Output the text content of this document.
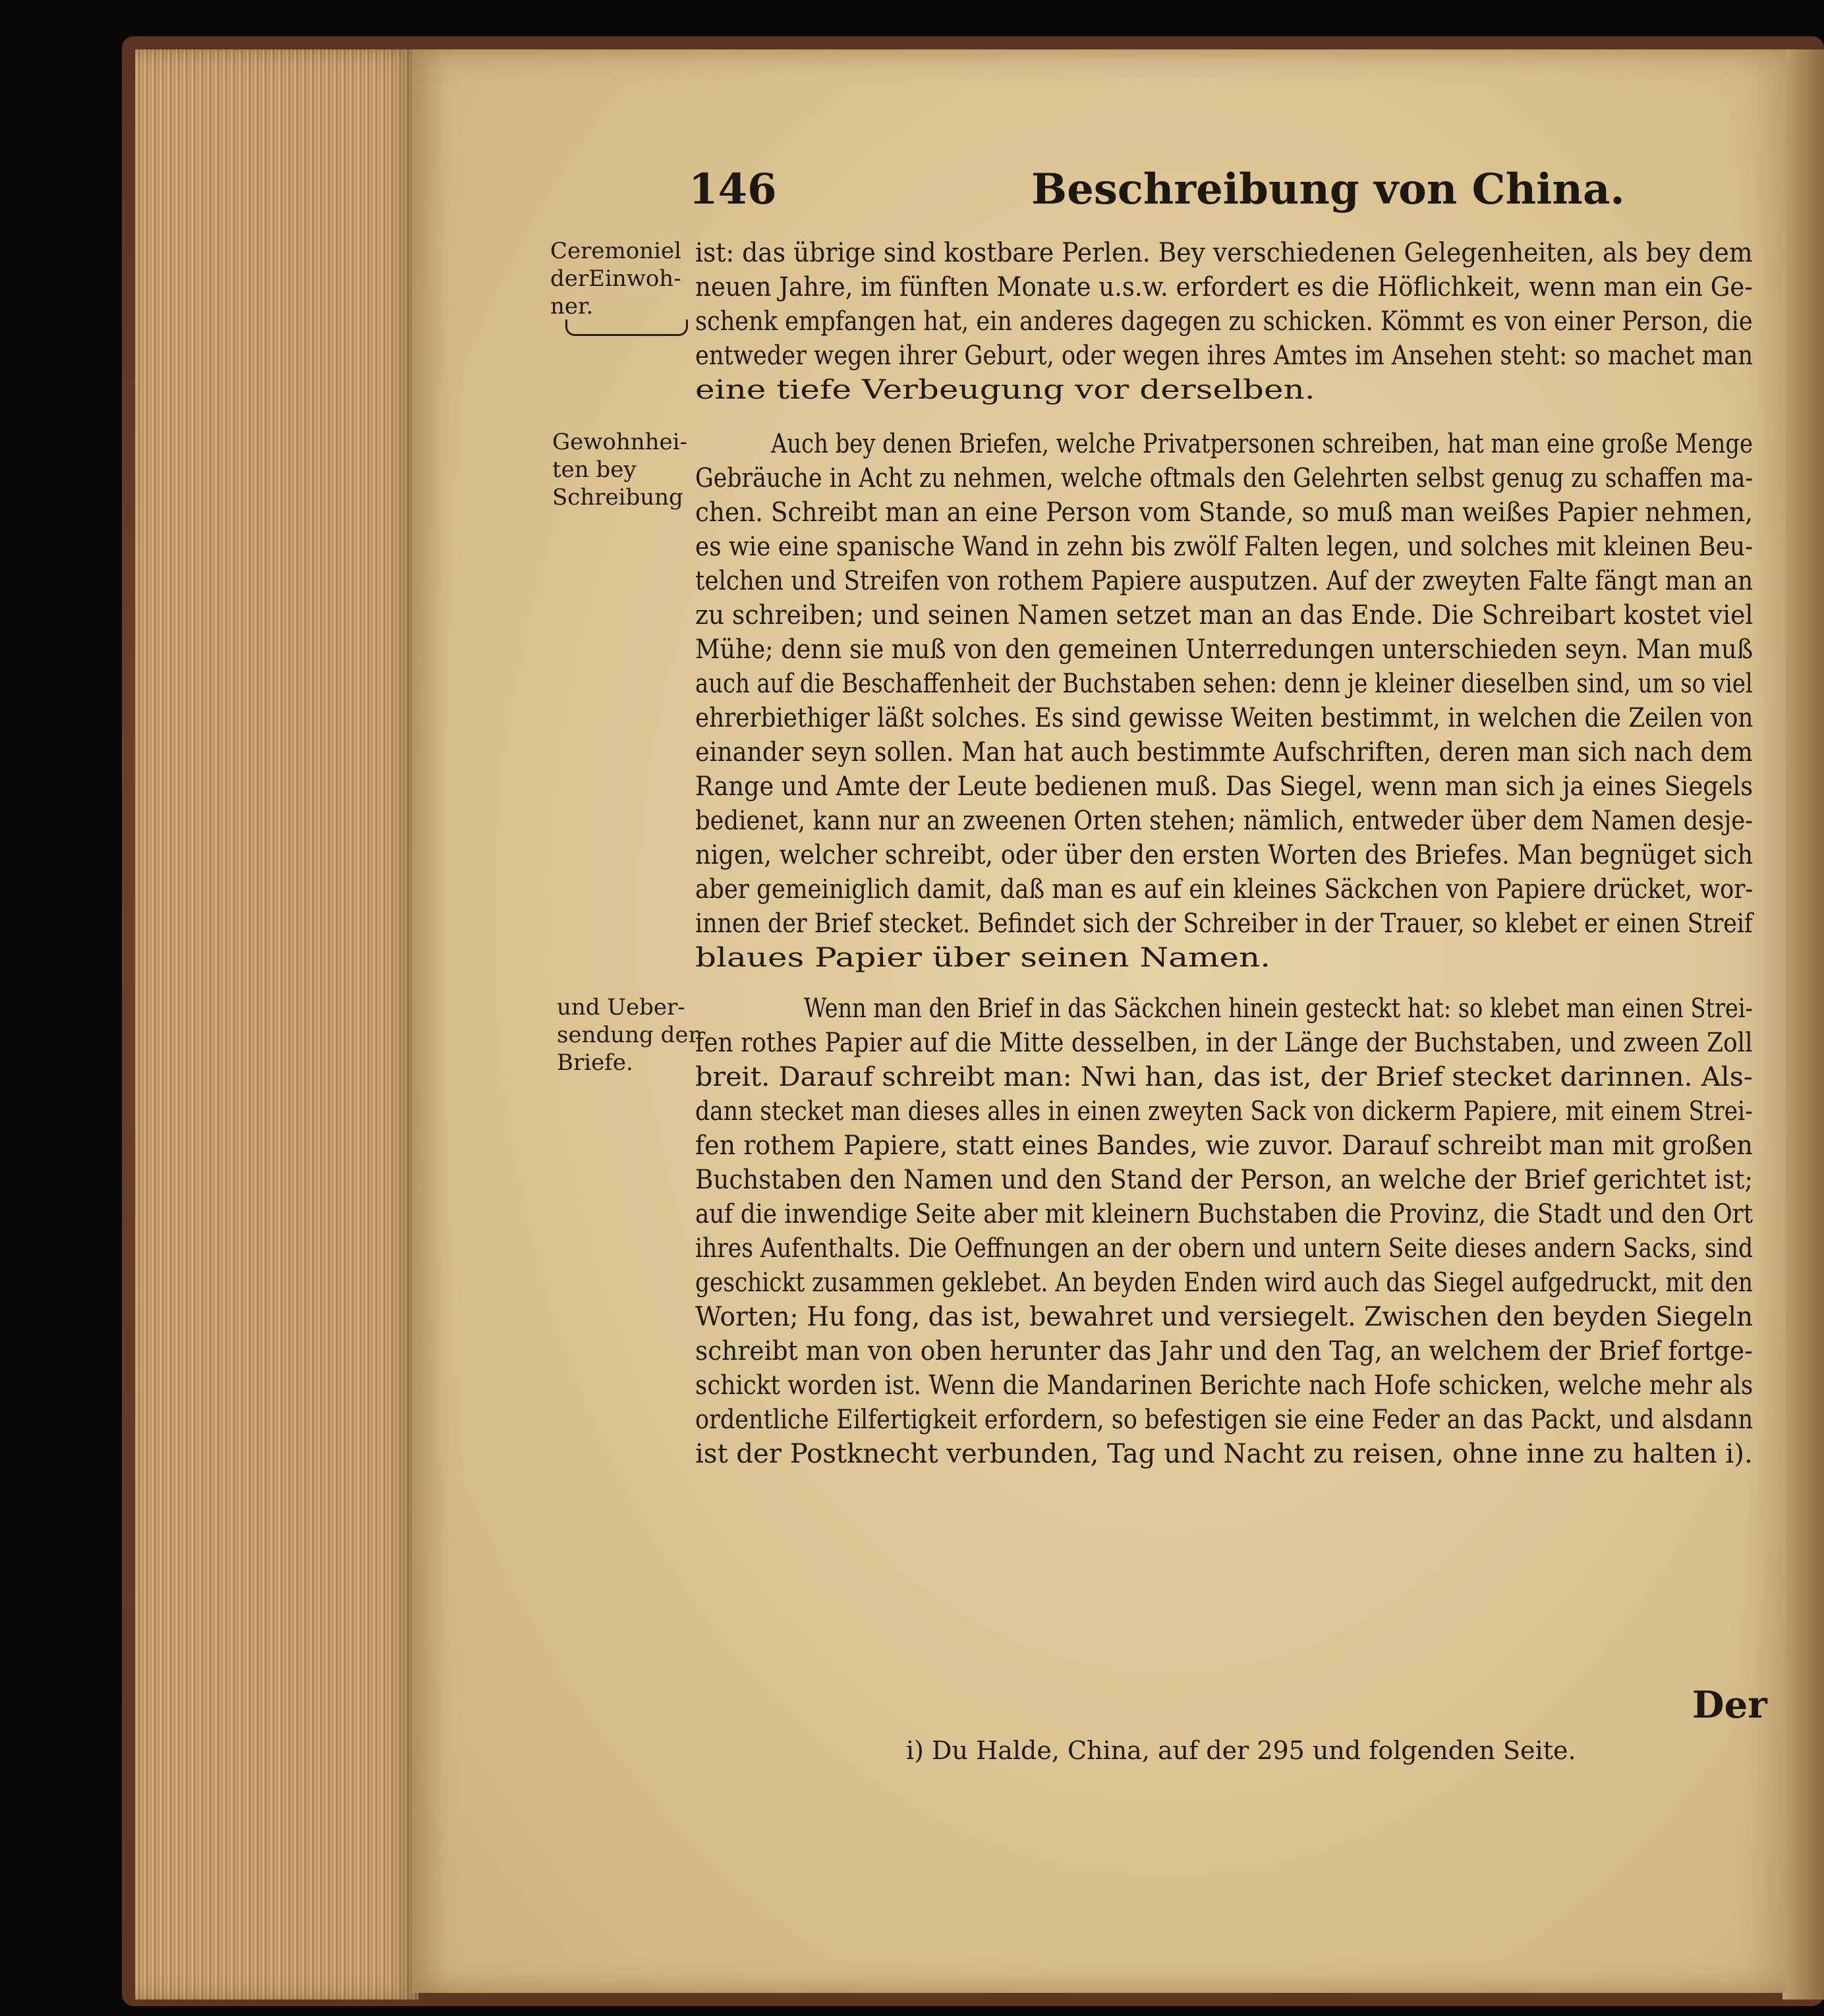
146	Beschreibung von China.
Ceremoniel
derEinwoh-
ner.
Gewohnhei-
ten bey
Schreibung
und Ueber-
sendung der
Briefe.
ist: das übrige sind kostbare Perlen. Bey verschiedenen Gelegenheiten, als bey dem
neuen Jahre, im fünften Monate u.s.w. erfordert es die Höflichkeit, wenn man ein Ge-
schenk empfangen hat, ein anderes dagegen zu schicken. Kömmt es von einer Person, die
entweder wegen ihrer Geburt, oder wegen ihres Amtes im Ansehen steht: so machet man
eine tiefe Verbeugung vor derselben.
Auch bey denen Briefen, welche Privatpersonen schreiben, hat man eine große Menge
Gebräuche in Acht zu nehmen, welche oftmals den Gelehrten selbst genug zu schaffen ma-
chen. Schreibt man an eine Person vom Stande, so muß man weißes Papier nehmen,
es wie eine spanische Wand in zehn bis zwölf Falten legen, und solches mit kleinen Beu-
telchen und Streifen von rothem Papiere ausputzen. Auf der zweyten Falte fängt man an
zu schreiben; und seinen Namen setzet man an das Ende. Die Schreibart kostet viel
Mühe; denn sie muß von den gemeinen Unterredungen unterschieden seyn. Man muß
auch auf die Beschaffenheit der Buchstaben sehen: denn je kleiner dieselben sind, um so viel
ehrerbiethiger läßt solches. Es sind gewisse Weiten bestimmt, in welchen die Zeilen von
einander seyn sollen. Man hat auch bestimmte Aufschriften, deren man sich nach dem
Range und Amte der Leute bedienen muß. Das Siegel, wenn man sich ja eines Siegels
bedienet, kann nur an zweenen Orten stehen; nämlich, entweder über dem Namen desje-
nigen, welcher schreibt, oder über den ersten Worten des Briefes. Man begnüget sich
aber gemeiniglich damit, daß man es auf ein kleines Säckchen von Papiere drücket, wor-
innen der Brief stecket. Befindet sich der Schreiber in der Trauer, so klebet er einen Streif
blaues Papier über seinen Namen.
Wenn man den Brief in das Säckchen hinein gesteckt hat: so klebet man einen Strei-
fen rothes Papier auf die Mitte desselben, in der Länge der Buchstaben, und zween Zoll
breit. Darauf schreibt man: Nwi han, das ist, der Brief stecket darinnen. Als-
dann stecket man dieses alles in einen zweyten Sack von dickerm Papiere, mit einem Strei-
fen rothem Papiere, statt eines Bandes, wie zuvor. Darauf schreibt man mit großen
Buchstaben den Namen und den Stand der Person, an welche der Brief gerichtet ist;
auf die inwendige Seite aber mit kleinern Buchstaben die Provinz, die Stadt und den Ort
ihres Aufenthalts. Die Oeffnungen an der obern und untern Seite dieses andern Sacks, sind
geschickt zusammen geklebet. An beyden Enden wird auch das Siegel aufgedruckt, mit den
Worten; Hu fong, das ist, bewahret und versiegelt. Zwischen den beyden Siegeln
schreibt man von oben herunter das Jahr und den Tag, an welchem der Brief fortge-
schickt worden ist. Wenn die Mandarinen Berichte nach Hofe schicken, welche mehr als
ordentliche Eilfertigkeit erfordern, so befestigen sie eine Feder an das Packt, und alsdann
ist der Postknecht verbunden, Tag und Nacht zu reisen, ohne inne zu halten i).
Der
i) Du Halde, China, auf der 295 und folgenden Seite.
